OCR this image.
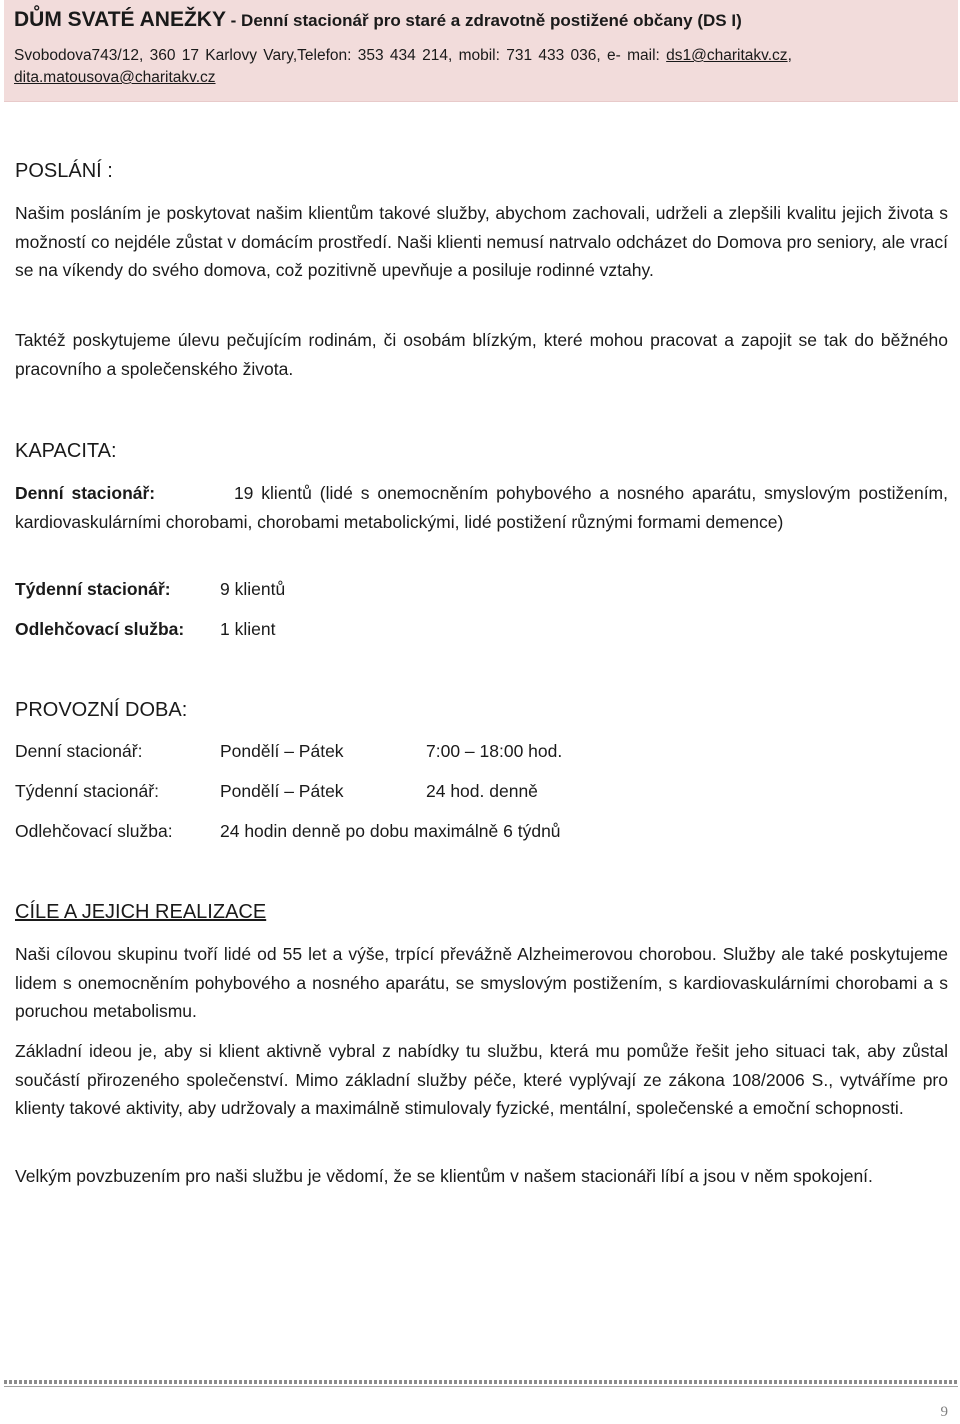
DŮM SVATÉ ANEŽKY - Denní stacionář pro staré a zdravotně postižené občany (DS I)
Svobodova743/12, 360 17 Karlovy Vary,Telefon: 353 434 214, mobil: 731 433 036, e- mail: ds1@charitakv.cz, dita.matousova@charitakv.cz
POSLÁNÍ :

Našim posláním je poskytovat našim klientům takové služby, abychom zachovali, udrželi a zlepšili kvalitu jejich života s možností co nejdéle zůstat v domácím prostředí. Naši klienti nemusí natrvalo odcházet do Domova pro seniory, ale vrací se na víkendy do svého domova, což pozitivně upevňuje a posiluje rodinné vztahy.

Taktéž poskytujeme úlevu pečujícím rodinám, či osobám blízkým, které mohou pracovat a zapojit se tak do běžného pracovního a společenského života.

KAPACITA:

Denní stacionář:	19 klientů (lidé s onemocněním pohybového a nosného aparátu, smyslovým postižením, kardiovaskulárními chorobami, chorobami metabolickými, lidé postižení různými formami demence)

Týdenní stacionář:	9 klientů
Odlehčovací služba: 1 klient
PROVOZNÍ DOBA:
Denní stacionář:	Pondělí – Pátek	7:00 – 18:00 hod.
Týdenní stacionář:	Pondělí – Pátek	24 hod. denně
Odlehčovací služba:	24 hodin denně po dobu maximálně 6 týdnů
CÍLE A JEJICH REALIZACE

Naši cílovou skupinu tvoří lidé od 55 let a výše, trpící převážně Alzheimerovou chorobou. Služby ale také poskytujeme lidem s onemocněním pohybového a nosného aparátu, se smyslovým postižením, s kardiovaskulárními chorobami a s poruchou metabolismu.

Základní ideou je, aby si klient aktivně vybral z nabídky tu službu, která mu pomůže řešit jeho situaci tak, aby zůstal součástí přirozeného společenství. Mimo základní služby péče, které vyplývají ze zákona 108/2006 S., vytváříme pro klienty takové aktivity, aby udržovaly a maximálně stimulovaly fyzické, mentální, společenské a emoční schopnosti.

Velkým povzbuzením pro naši službu je vědomí, že se klientům v našem stacionáři líbí a jsou v něm spokojení.

9
